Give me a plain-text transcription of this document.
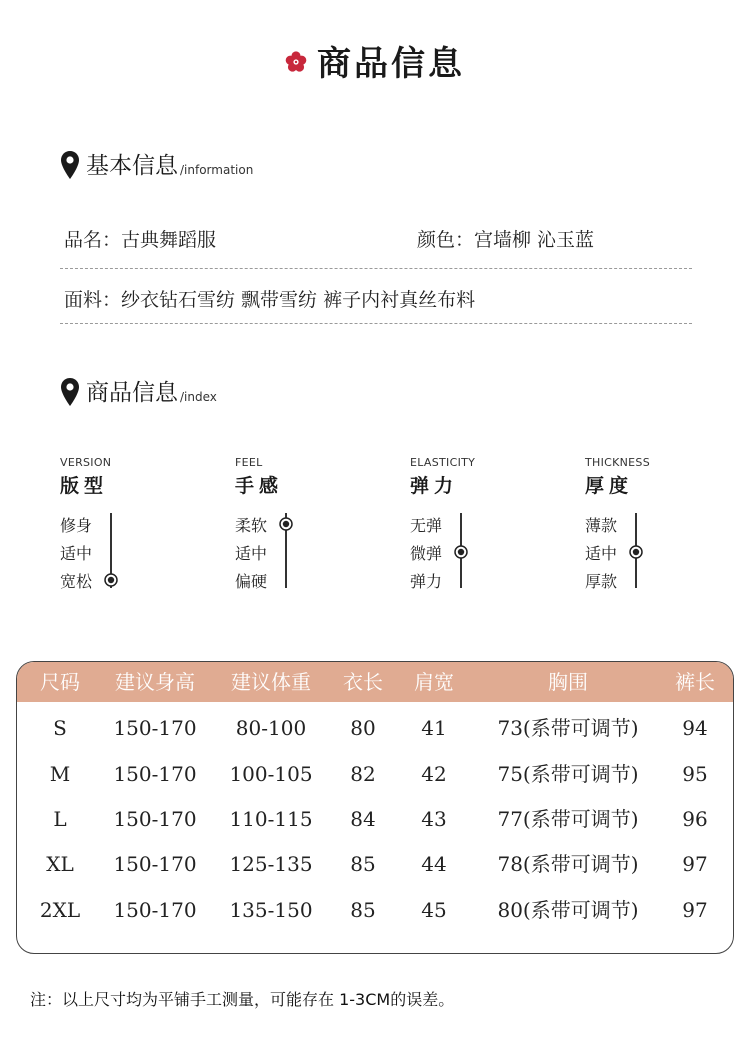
商品信息
基本信息 /information
品名：古典舞蹈服	颜色：宫墙柳 沁玉蓝
面料：纱衣钻石雪纺 飘带雪纺 裤子内衬真丝布料
商品信息 /index
VERSION
版型
修身
适中
宽松
FEEL
手感
柔软
适中
偏硬
ELASTICITY
弹力
无弹
微弹
弹力
THICKNESS
厚度
薄款
适中
厚款
尺码	建议身高	建议体重	衣长	肩宽	胸围	裤长
S	150-170	80-100	80	41	73(系带可调节)	94
M	150-170	100-105	82	42	75(系带可调节)	95
L	150-170	110-115	84	43	77(系带可调节)	96
XL	150-170	125-135	85	44	78(系带可调节)	97
2XL	150-170	135-150	85	45	80(系带可调节)	97
注：以上尺寸均为平铺手工测量，可能存在 1-3CM的误差。
